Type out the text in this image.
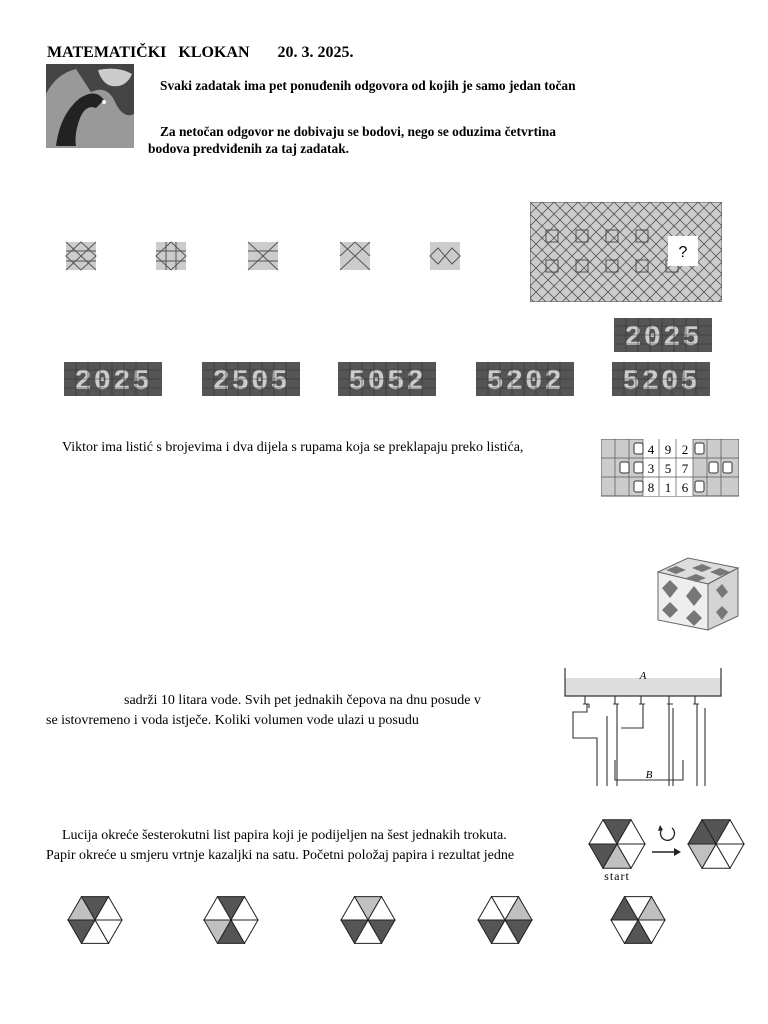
MATEMATIČKI   KLOKAN       20. 3. 2025.
Svaki zadatak ima pet ponuđenih odgovora od kojih je samo jedan točan
Za netočan odgovor ne dobivaju se bodovi, nego se oduzima četvrtina
bodova predviđenih za taj zadatak.
?
2025
2025 2505 5052 5202 5205
Viktor ima listić s brojevima i dva dijela s rupama koja se preklapaju preko listića,	4 9 2
3 5 7
8 1 6
sadrži 10 litara vode. Svih pet jednakih čepova na dnu posude v
se istovremeno i voda istječe. Koliki volumen vode ulazi u posudu
A
B
Lucija okreće šesterokutni list papira koji je podijeljen na šest jednakih trokuta.
Papir okreće u smjeru vrtnje kazaljki na satu. Početni položaj papira i rezultat jedne
start
